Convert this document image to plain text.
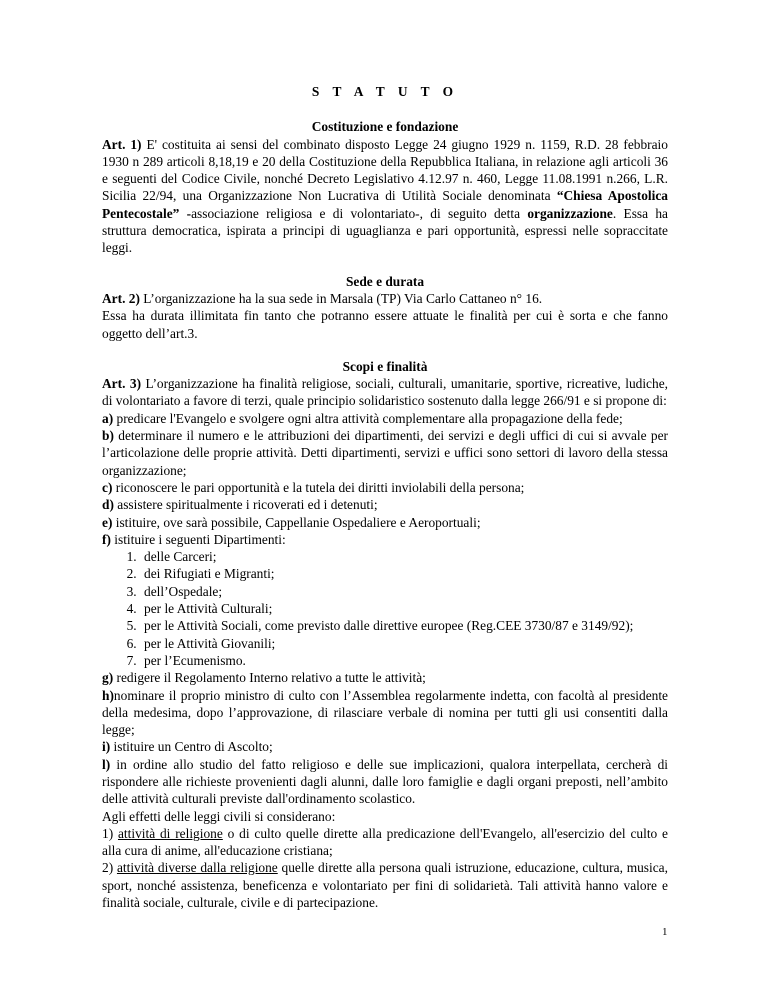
S T A T U T O
Costituzione e fondazione

Art. 1) E' costituita ai sensi del combinato disposto Legge 24 giugno 1929 n. 1159, R.D. 28 febbraio 1930 n 289 articoli 8,18,19 e 20 della Costituzione della Repubblica Italiana, in relazione agli articoli 36 e seguenti del Codice Civile, nonché Decreto Legislativo 4.12.97 n. 460, Legge 11.08.1991 n.266, L.R. Sicilia 22/94, una Organizzazione Non Lucrativa di Utilità Sociale denominata “Chiesa Apostolica Pentecostale” -associazione religiosa e di volontariato-, di seguito detta organizzazione. Essa ha struttura democratica, ispirata a principi di uguaglianza e pari opportunità, espressi nelle sopraccitate leggi.

Sede e durata

Art. 2) L’organizzazione ha la sua sede in Marsala (TP) Via Carlo Cattaneo n° 16.

Essa ha durata illimitata fin tanto che potranno essere attuate le finalità per cui è sorta e che fanno oggetto dell’art.3.

Scopi e finalità

Art. 3) L’organizzazione ha finalità religiose, sociali, culturali, umanitarie, sportive, ricreative, ludiche, di volontariato a favore di terzi, quale principio solidaristico sostenuto dalla legge 266/91 e si propone di:

a) predicare l'Evangelo e svolgere ogni altra attività complementare alla propagazione della fede;

b) determinare il numero e le attribuzioni dei dipartimenti, dei servizi e degli uffici di cui si avvale per l’articolazione delle proprie attività. Detti dipartimenti, servizi e uffici sono settori di lavoro della stessa organizzazione;

c) riconoscere le pari opportunità e la tutela dei diritti inviolabili della persona;

d) assistere spiritualmente i ricoverati ed i detenuti;

e) istituire, ove sarà possibile, Cappellanie Ospedaliere e Aeroportuali;

f) istituire i seguenti Dipartimenti:

1. delle Carceri;
2. dei Rifugiati e Migranti;
3. dell’Ospedale;
4. per le Attività Culturali;
5. per le Attività Sociali, come previsto dalle direttive europee (Reg.CEE 3730/87 e 3149/92);
6. per le Attività Giovanili;
7. per l’Ecumenismo.

g) redigere il Regolamento Interno relativo a tutte le attività;

h)nominare il proprio ministro di culto con l’Assemblea regolarmente indetta, con facoltà al presidente della medesima, dopo l’approvazione, di rilasciare verbale di nomina per tutti gli usi consentiti dalla legge;

i) istituire un Centro di Ascolto;

l) in ordine allo studio del fatto religioso e delle sue implicazioni, qualora interpellata, cercherà di rispondere alle richieste provenienti dagli alunni, dalle loro famiglie e dagli organi preposti, nell’ambito delle attività culturali previste dall'ordinamento scolastico.

Agli effetti delle leggi civili si considerano:

1) attività di religione o di culto quelle dirette alla predicazione dell'Evangelo, all'esercizio del culto e alla cura di anime, all'educazione cristiana;

2) attività diverse dalla religione quelle dirette alla persona quali istruzione, educazione, cultura, musica, sport, nonché assistenza, beneficenza e volontariato per fini di solidarietà. Tali attività hanno valore e finalità sociale, culturale, civile e di partecipazione.

1
